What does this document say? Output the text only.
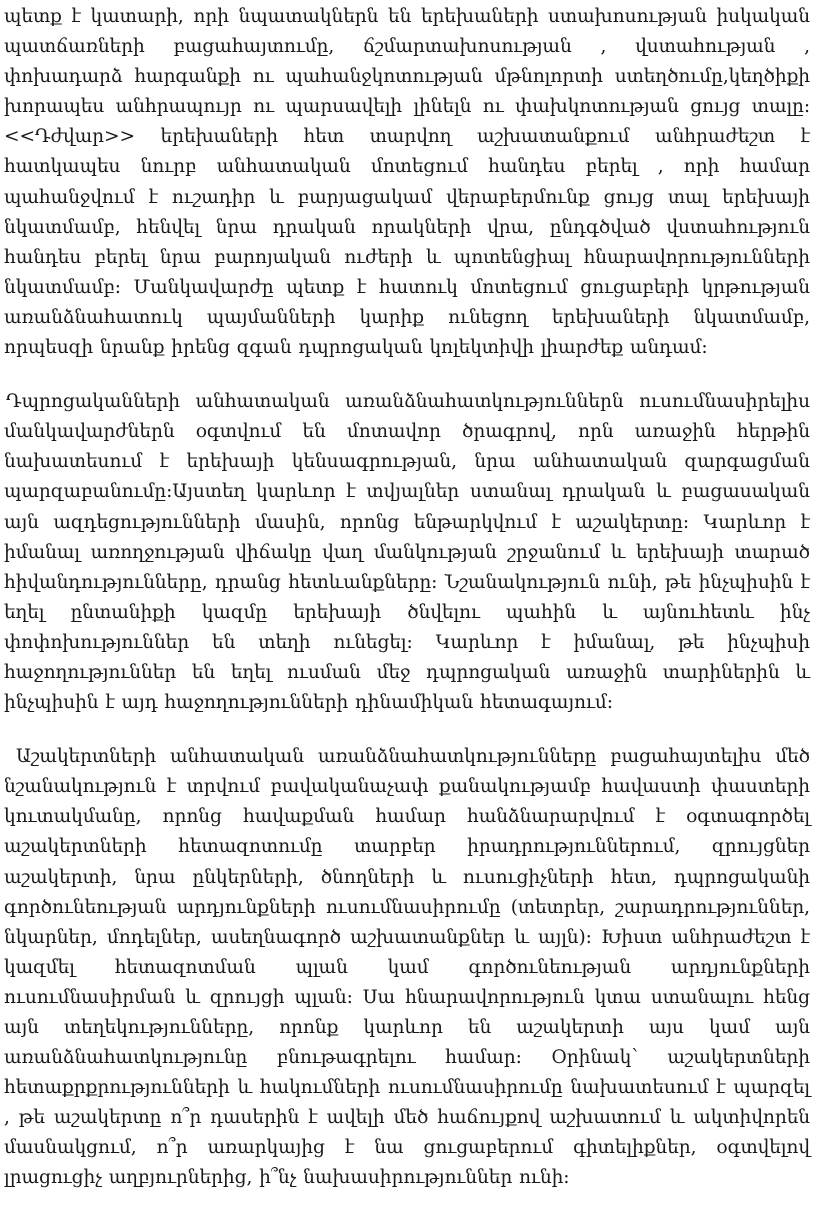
պետք է կատարի, որի նպատակներն են երեխաների ստախոսության իսկական պատճառների բացահայտումը, ճշմարտախոսության , վստահության , փոխադարձ հարգանքի ու պահանջկոտության մթնոլորտի ստեղծումը,կեղծիքի խորապես անհրապույր ու պարսավելի լինելն ու փախկոտության ցույց տալը: <<Դժվար>> երեխաների հետ տարվող աշխատանքում անհրաժեշտ է հատկապես նուրբ անհատական մոտեցում հանդես բերել , որի համար պահանջվում է ուշադիր և բարյացակամ վերաբերմունք ցույց տալ երեխայի նկատմամբ, հենվել նրա դրական որակների վրա, ընդգծված վստահություն հանդես բերել նրա բարոյական ուժերի և պոտենցիալ հնարավորությունների նկատմամբ: Մանկավարժը պետք է հատուկ մոտեցում ցուցաբերի կրթության առանձնահատուկ պայմանների կարիք ունեցող երեխաների նկատմամբ, որպեսզի նրանք իրենց զգան դպրոցական կոլեկտիվի լիարժեք անդամ:

Դպրոցականների անհատական առանձնահատկություններն ուսումնասիրելիս մանկավարժներն օգտվում են մոտավոր ծրագրով, որն առաջին հերթին նախատեսում է երեխայի կենսագրության, նրա անհատական զարգացման պարզաբանումը:Այստեղ կարևոր է տվյալներ ստանալ դրական և բացասական այն ազդեցությունների մասին, որոնց ենթարկվում է աշակերտը: Կարևոր է իմանալ առողջության վիճակը վաղ մանկության շրջանում և երեխայի տարած հիվանդությունները, դրանց հետևանքները: Նշանակություն ունի, թե ինչպիսին է եղել ընտանիքի կազմը երեխայի ծնվելու պահին և այնուհետև ինչ փոփոխություններ են տեղի ունեցել: Կարևոր է իմանալ, թե ինչպիսի հաջողություններ են եղել ուսման մեջ դպրոցական առաջին տարիներին և ինչպիսին է այդ հաջողությունների դինամիկան հետագայում:

Աշակերտների անհատական առանձնահատկությունները բացահայտելիս մեծ նշանակություն է տրվում բավականաչափ քանակությամբ հավաստի փաստերի կուտակմանը, որոնց հավաքման համար հանձնարարվում է օգտագործել աշակերտների հետազոտումը տարբեր իրադրություններում, զրույցներ աշակերտի, նրա ընկերների, ծնողների և ուսուցիչների հետ, դպրոցականի գործունեության արդյունքների ուսումնասիրումը (տետրեր, շարադրություններ, նկարներ, մոդելներ, ասեղնագործ աշխատանքներ և այլն): Խիստ անհրաժեշտ է կազմել հետազոտման պլան կամ գործունեության արդյունքների ուսումնասիրման և զրույցի պլան: Սա հնարավորություն կտա ստանալու հենց այն տեղեկությունները, որոնք կարևոր են աշակերտի այս կամ այն առանձնահատկությունը բնութագրելու համար: Օրինակ՝ աշակերտների հետաքրքրությունների և հակումների ուսումնասիրումը նախատեսում է պարզել , թե աշակերտը ո՞ր դասերին է ավելի մեծ հաճույքով աշխատում և ակտիվորեն մասնակցում, ո՞ր առարկայից է նա ցուցաբերում գիտելիքներ, օգտվելով լրացուցիչ աղբյուրներից, ի՞նչ նախասիրություններ ունի:
